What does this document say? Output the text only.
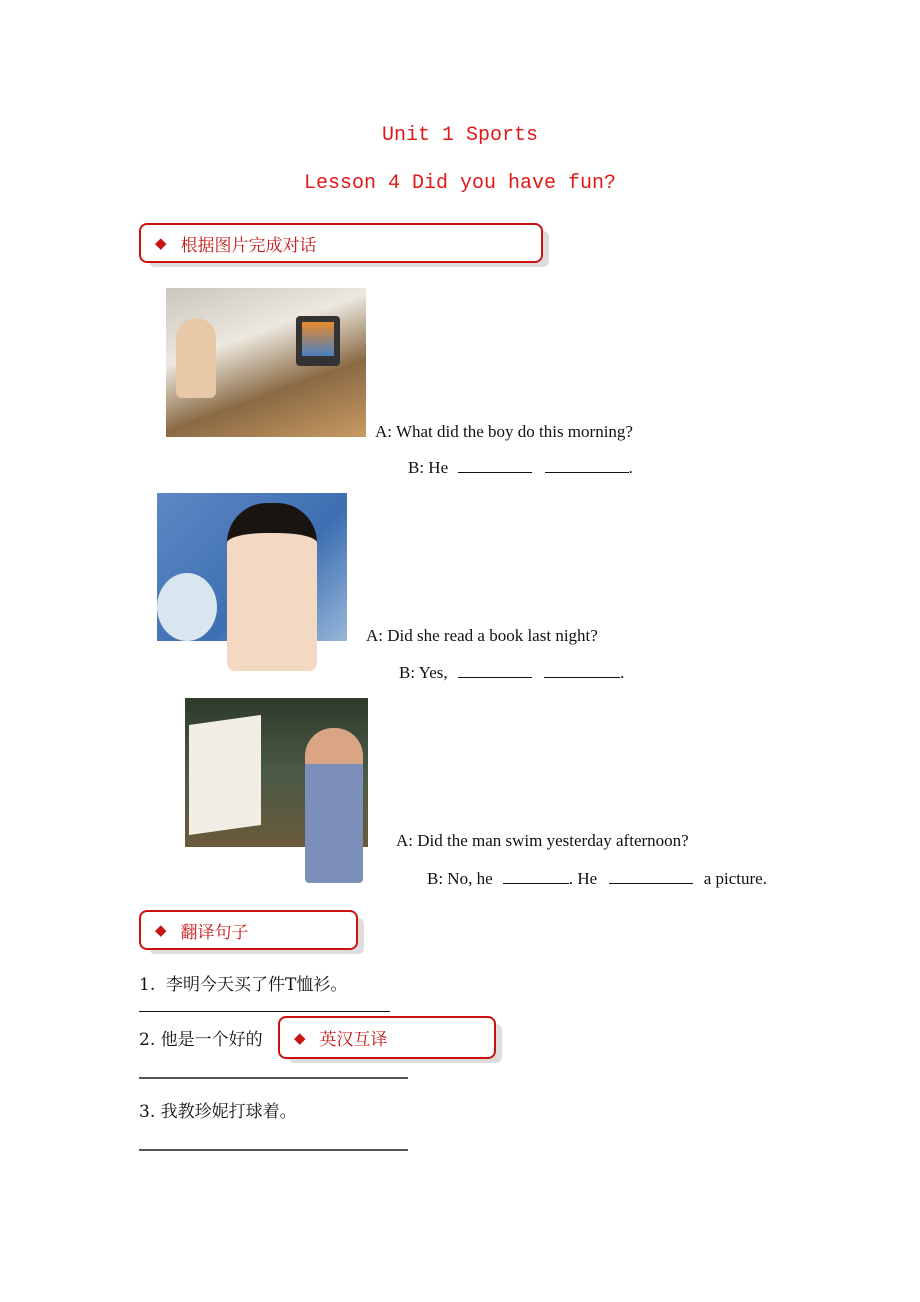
Unit 1 Sports
Lesson 4 Did you have fun?
◆ 根据图片完成对话
A: What did the boy do this morning?
B: He	.
A: Did she read a book last night?
B: Yes,	.
A: Did the man swim yesterday afternoon?
B: No, he	. He	a picture.
◆ 翻译句子
1. 李明今天买了件T恤衫。
2. 他是一个好的 ◆ 英汉互译
3. 我教珍妮打球着。
